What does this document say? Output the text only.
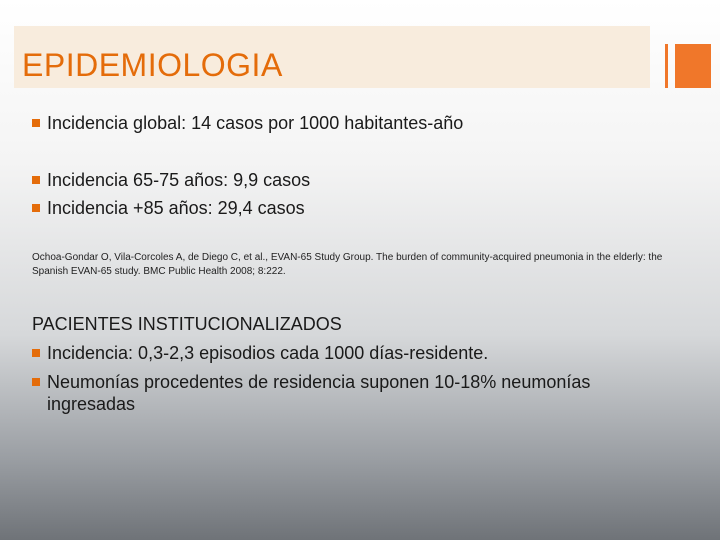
EPIDEMIOLOGIA
Incidencia global: 14 casos por 1000 habitantes-año
Incidencia 65-75 años: 9,9 casos
Incidencia +85 años: 29,4 casos
Ochoa-Gondar O, Vila-Corcoles A, de Diego C, et al., EVAN-65 Study Group. The burden of community-acquired pneumonia in the elderly: the Spanish EVAN-65 study. BMC Public Health 2008; 8:222.
PACIENTES INSTITUCIONALIZADOS
Incidencia: 0,3-2,3 episodios cada 1000 días-residente.
Neumonías procedentes de residencia suponen 10-18% neumonías ingresadas
